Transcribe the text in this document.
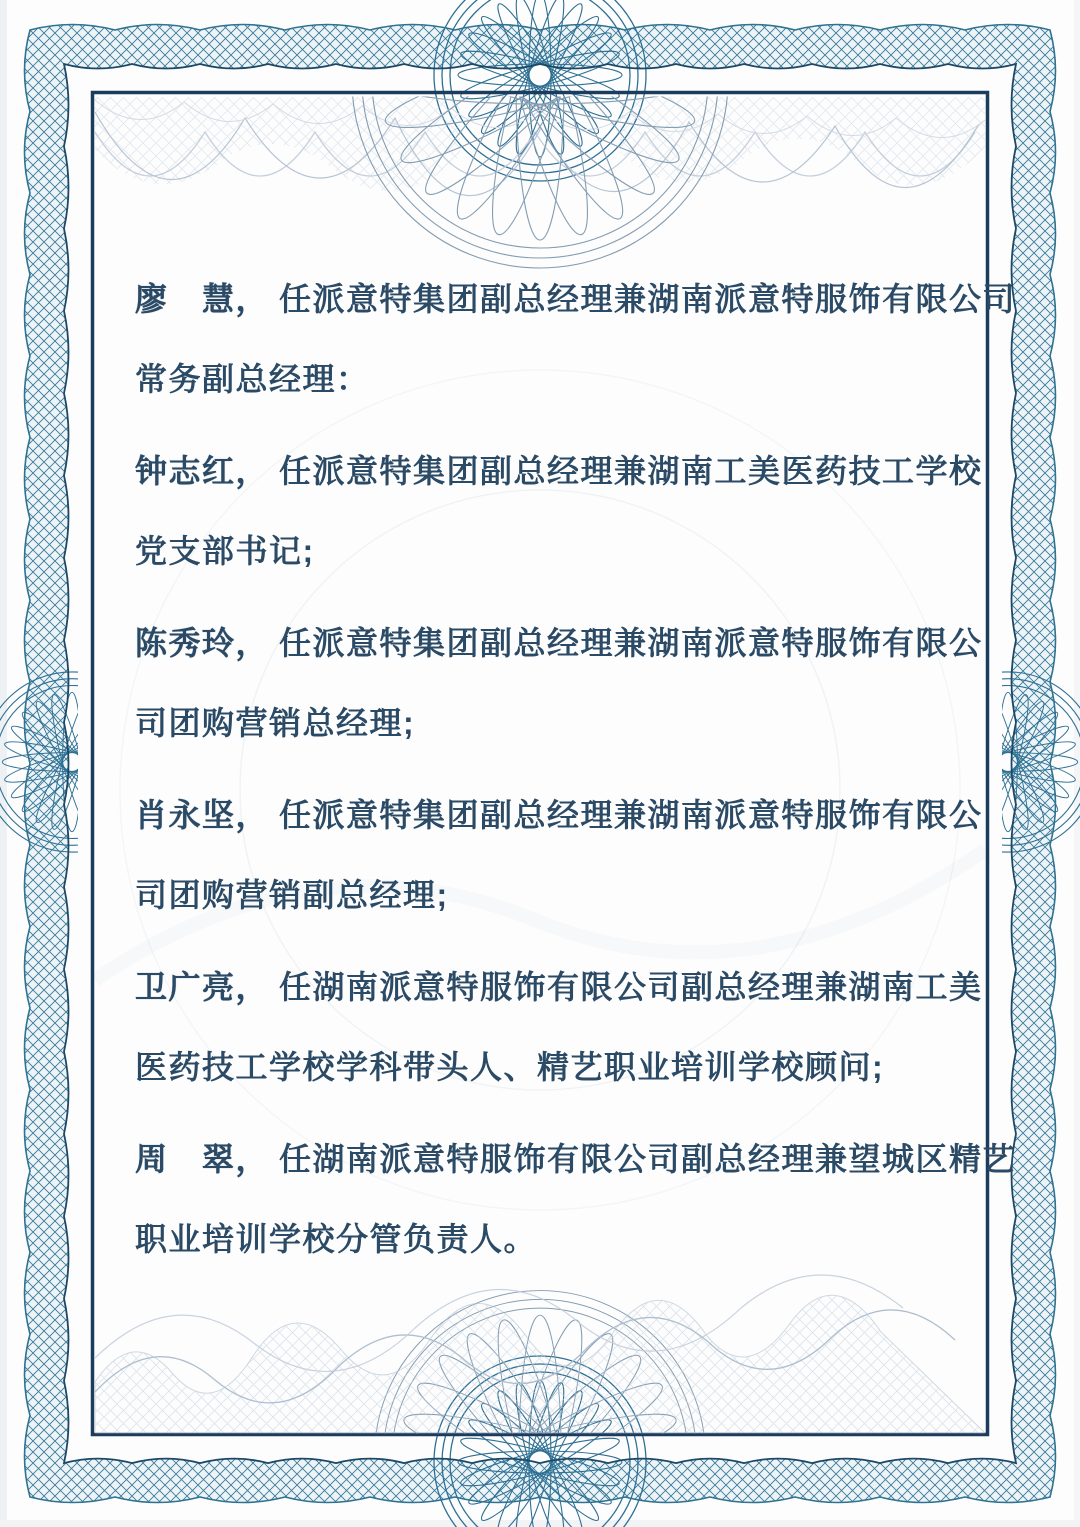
廖　慧， 任派意特集团副总经理兼湖南派意特服饰有限公司
常务副总经理：
钟志红， 任派意特集团副总经理兼湖南工美医药技工学校
党支部书记;
陈秀玲， 任派意特集团副总经理兼湖南派意特服饰有限公
司团购营销总经理;
肖永坚， 任派意特集团副总经理兼湖南派意特服饰有限公
司团购营销副总经理;
卫广亮， 任湖南派意特服饰有限公司副总经理兼湖南工美
医药技工学校学科带头人、精艺职业培训学校顾问;
周　翠， 任湖南派意特服饰有限公司副总经理兼望城区精艺
职业培训学校分管负责人。
